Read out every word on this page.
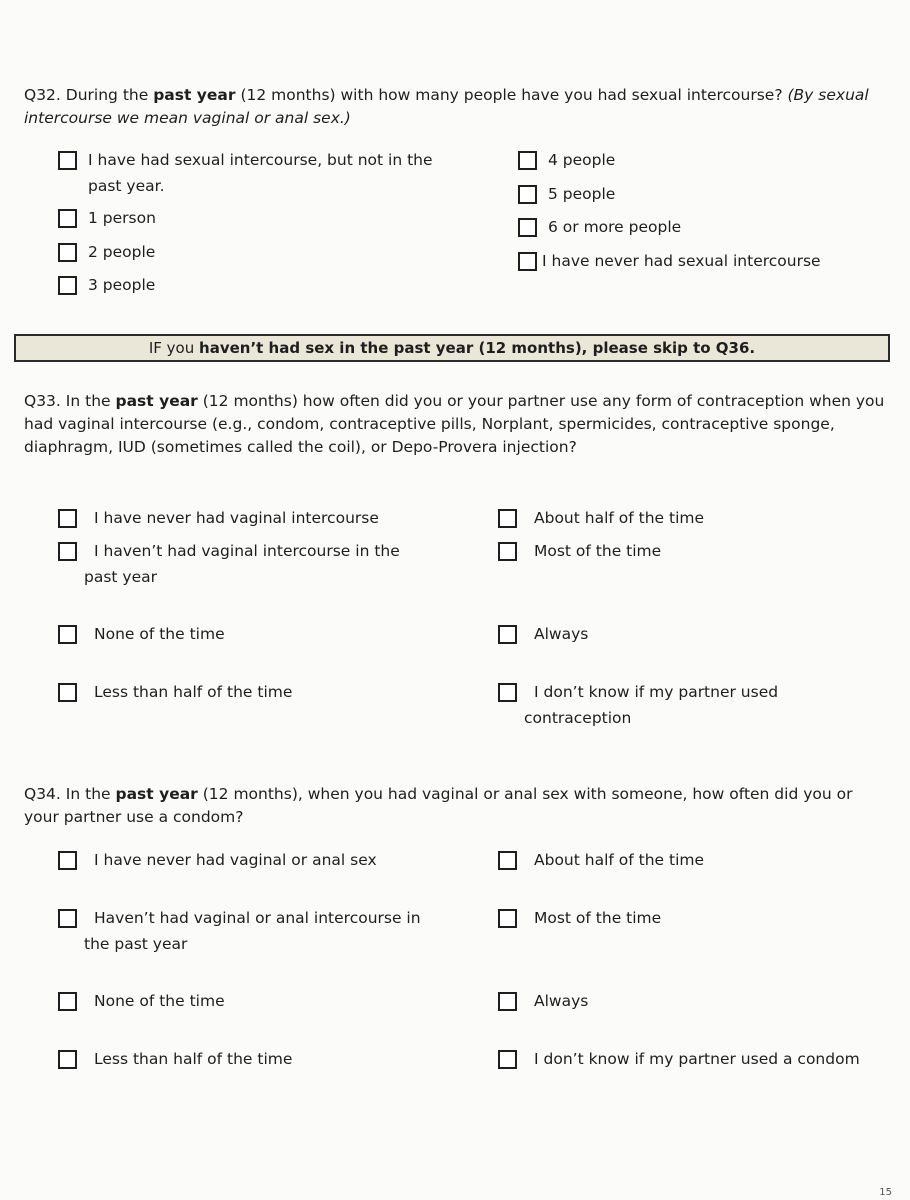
Q32. During the past year (12 months) with how many people have you had sexual intercourse? (By sexual intercourse we mean vaginal or anal sex.)
I have had sexual intercourse, but not in the
past year.
1 person
2 people
3 people
4 people
5 people
6 or more people
I have never had sexual intercourse
IF you haven’t had sex in the past year (12 months), please skip to Q36.
Q33. In the past year (12 months) how often did you or your partner use any form of contraception when you had vaginal intercourse (e.g., condom, contraceptive pills, Norplant, spermicides, contraceptive sponge, diaphragm, IUD (sometimes called the coil), or Depo-Provera injection?
I have never had vaginal intercourse
I haven’t had vaginal intercourse in the
past year
None of the time
Less than half of the time
About half of the time
Most of the time
Always
I don’t know if my partner used
contraception
Q34. In the past year (12 months), when you had vaginal or anal sex with someone, how often did you or your partner use a condom?
I have never had vaginal or anal sex
Haven’t had vaginal or anal intercourse in
the past year
None of the time
Less than half of the time
About half of the time
Most of the time
Always
I don’t know if my partner used a condom
15
